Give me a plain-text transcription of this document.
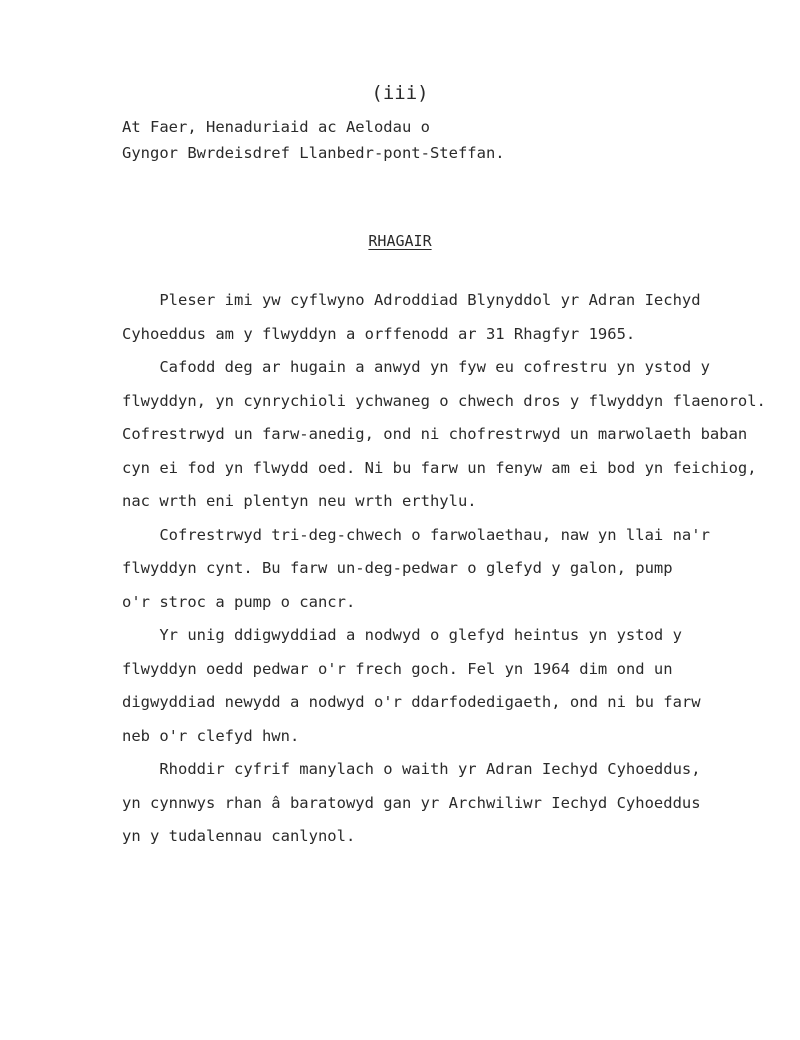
(iii)
At Faer, Henaduriaid ac Aelodau o
Gyngor Bwrdeisdref Llanbedr-pont-Steffan.
RHAGAIR
Pleser imi yw cyflwyno Adroddiad Blynyddol yr Adran Iechyd
Cyhoeddus am y flwyddyn a orffenodd ar 31 Rhagfyr 1965.
Cafodd deg ar hugain a anwyd yn fyw eu cofrestru yn ystod y
flwyddyn, yn cynrychioli ychwaneg o chwech dros y flwyddyn flaenorol.
Cofrestrwyd un farw-anedig, ond ni chofrestrwyd un marwolaeth baban
cyn ei fod yn flwydd oed. Ni bu farw un fenyw am ei bod yn feichiog,
nac wrth eni plentyn neu wrth erthylu.
Cofrestrwyd tri-deg-chwech o farwolaethau, naw yn llai na'r
flwyddyn cynt. Bu farw un-deg-pedwar o glefyd y galon, pump
o'r stroc a pump o cancr.
Yr unig ddigwyddiad a nodwyd o glefyd heintus yn ystod y
flwyddyn oedd pedwar o'r frech goch. Fel yn 1964 dim ond un
digwyddiad newydd a nodwyd o'r ddarfodedigaeth, ond ni bu farw
neb o'r clefyd hwn.
Rhoddir cyfrif manylach o waith yr Adran Iechyd Cyhoeddus,
yn cynnwys rhan â baratowyd gan yr Archwiliwr Iechyd Cyhoeddus
yn y tudalennau canlynol.
